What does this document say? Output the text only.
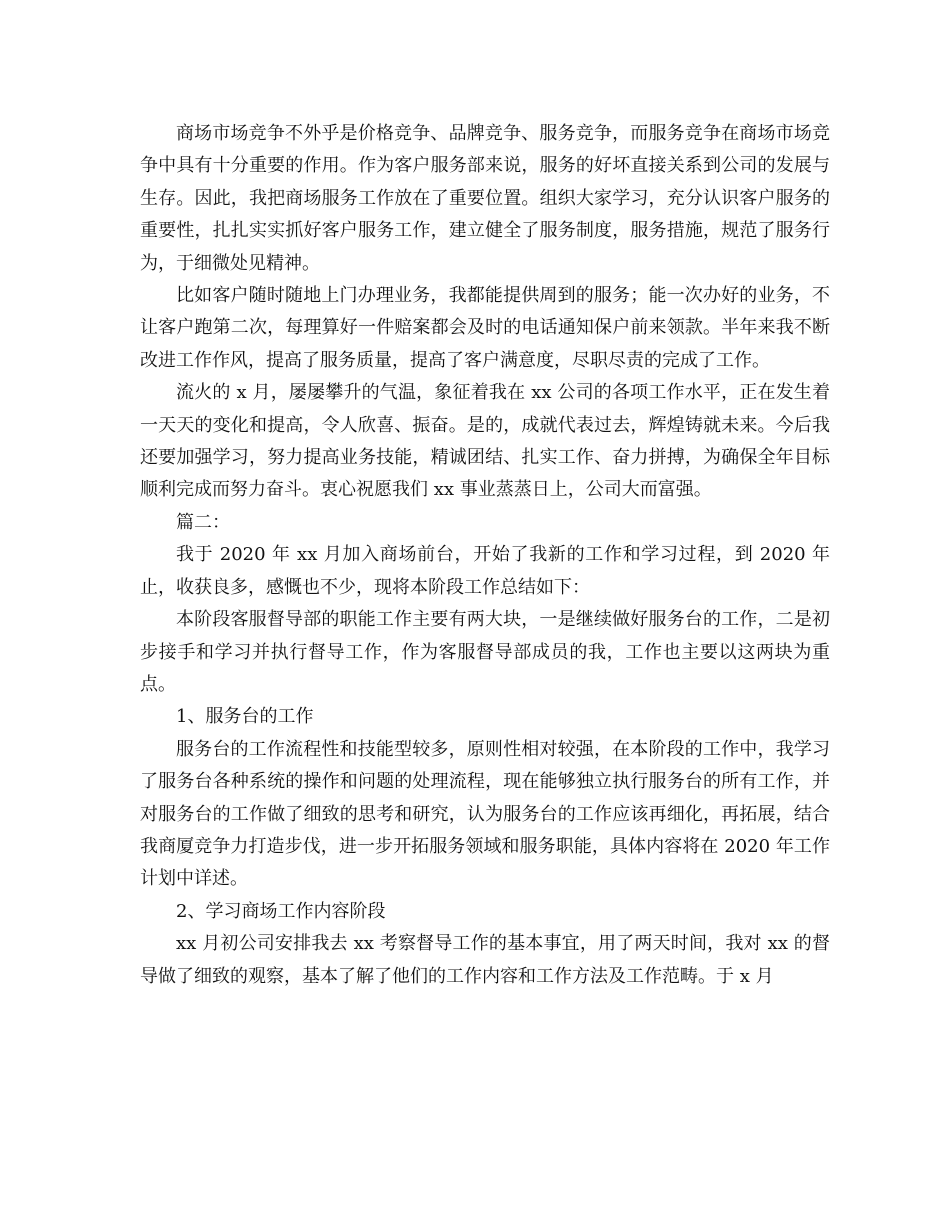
商场市场竞争不外乎是价格竞争、品牌竞争、服务竞争，而服务竞争在商场市场竞争中具有十分重要的作用。作为客户服务部来说，服务的好坏直接关系到公司的发展与生存。因此，我把商场服务工作放在了重要位置。组织大家学习，充分认识客户服务的重要性，扎扎实实抓好客户服务工作，建立健全了服务制度，服务措施，规范了服务行为，于细微处见精神。

比如客户随时随地上门办理业务，我都能提供周到的服务；能一次办好的业务，不让客户跑第二次，每理算好一件赔案都会及时的电话通知保户前来领款。半年来我不断改进工作作风，提高了服务质量，提高了客户满意度，尽职尽责的完成了工作。

流火的 x 月，屡屡攀升的气温，象征着我在 xx 公司的各项工作水平，正在发生着一天天的变化和提高，令人欣喜、振奋。是的，成就代表过去，辉煌铸就未来。今后我还要加强学习，努力提高业务技能，精诚团结、扎实工作、奋力拼搏，为确保全年目标顺利完成而努力奋斗。衷心祝愿我们 xx 事业蒸蒸日上，公司大而富强。

篇二：

我于 2020 年 xx 月加入商场前台，开始了我新的工作和学习过程，到 2020 年止，收获良多，感慨也不少，现将本阶段工作总结如下：

本阶段客服督导部的职能工作主要有两大块，一是继续做好服务台的工作，二是初步接手和学习并执行督导工作，作为客服督导部成员的我，工作也主要以这两块为重点。

1、服务台的工作

服务台的工作流程性和技能型较多，原则性相对较强，在本阶段的工作中，我学习了服务台各种系统的操作和问题的处理流程，现在能够独立执行服务台的所有工作，并对服务台的工作做了细致的思考和研究，认为服务台的工作应该再细化，再拓展，结合我商厦竞争力打造步伐，进一步开拓服务领域和服务职能，具体内容将在 2020 年工作计划中详述。

2、学习商场工作内容阶段

xx 月初公司安排我去 xx 考察督导工作的基本事宜，用了两天时间，我对 xx 的督导做了细致的观察，基本了解了他们的工作内容和工作方法及工作范畴。于 x 月
